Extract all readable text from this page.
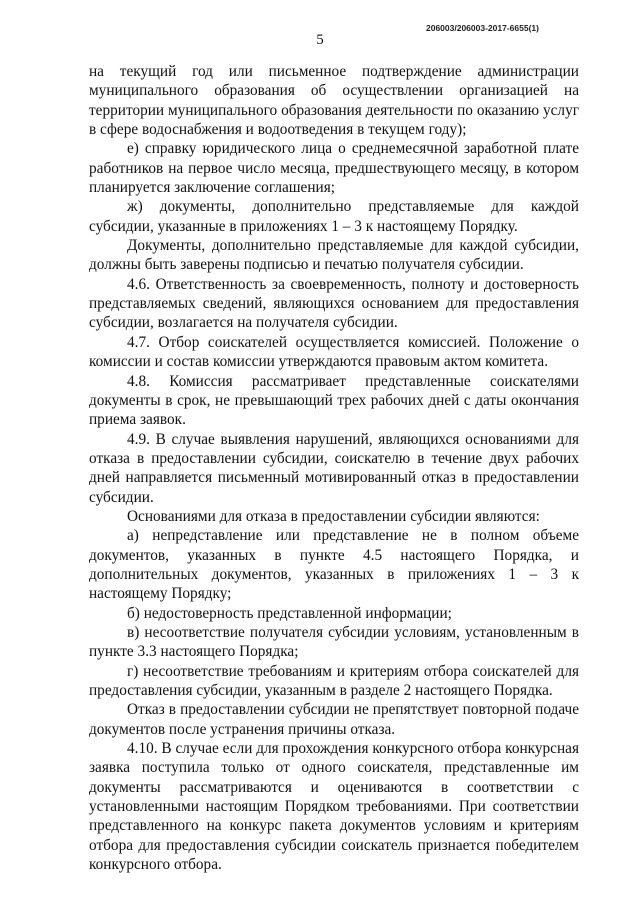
206003/206003-2017-6655(1)
5

на текущий год или письменное подтверждение администрации муниципального образования об осуществлении организацией на территории муниципального образования деятельности по оказанию услуг в сфере водоснабжения и водоотведения в текущем году);

е) справку юридического лица о среднемесячной заработной плате работников на первое число месяца, предшествующего месяцу, в котором планируется заключение соглашения;

ж) документы, дополнительно представляемые для каждой субсидии, указанные в приложениях 1 – 3 к настоящему Порядку.

Документы, дополнительно представляемые для каждой субсидии, должны быть заверены подписью и печатью получателя субсидии.

4.6. Ответственность за своевременность, полноту и достоверность представляемых сведений, являющихся основанием для предоставления субсидии, возлагается на получателя субсидии.

4.7. Отбор соискателей осуществляется комиссией. Положение о комиссии и состав комиссии утверждаются правовым актом комитета.

4.8. Комиссия рассматривает представленные соискателями документы в срок, не превышающий трех рабочих дней с даты окончания приема заявок.

4.9. В случае выявления нарушений, являющихся основаниями для отказа в предоставлении субсидии, соискателю в течение двух рабочих дней направляется письменный мотивированный отказ в предоставлении субсидии.

Основаниями для отказа в предоставлении субсидии являются:

а) непредставление или представление не в полном объеме документов, указанных в пункте 4.5 настоящего Порядка, и дополнительных документов, указанных в приложениях 1 – 3 к настоящему Порядку;

б) недостоверность представленной информации;

в) несоответствие получателя субсидии условиям, установленным в пункте 3.3 настоящего Порядка;

г) несоответствие требованиям и критериям отбора соискателей для предоставления субсидии, указанным в разделе 2 настоящего Порядка.

Отказ в предоставлении субсидии не препятствует повторной подаче документов после устранения причины отказа.

4.10. В случае если для прохождения конкурсного отбора конкурсная заявка поступила только от одного соискателя, представленные им документы рассматриваются и оцениваются в соответствии с установленными настоящим Порядком требованиями. При соответствии представленного на конкурс пакета документов условиям и критериям отбора для предоставления субсидии соискатель признается победителем конкурсного отбора.
